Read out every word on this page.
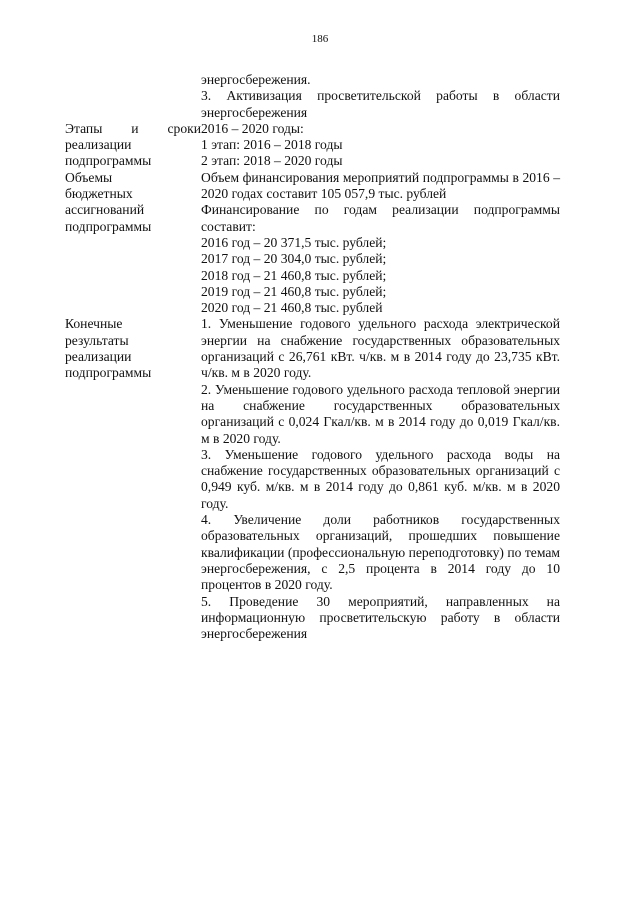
186
энергосбережения.
3. Активизация просветительской работы в области энергосбережения
Этапы и сроки
реализации
подпрограммы
2016 – 2020 годы:
1 этап: 2016 – 2018 годы
2 этап: 2018 – 2020 годы
Объемы
бюджетных
ассигнований
подпрограммы
Объем финансирования мероприятий подпрограммы в 2016 – 2020 годах составит 105 057,9 тыс. рублей
Финансирование по годам реализации подпрограммы составит:
2016 год – 20 371,5 тыс. рублей;
2017 год – 20 304,0 тыс. рублей;
2018 год – 21 460,8 тыс. рублей;
2019 год – 21 460,8 тыс. рублей;
2020 год – 21 460,8 тыс. рублей
Конечные
результаты
реализации
подпрограммы
1. Уменьшение годового удельного расхода электрической энергии на снабжение государственных образовательных организаций с 26,761 кВт. ч/кв. м в 2014 году до 23,735 кВт. ч/кв. м в 2020 году.
2. Уменьшение годового удельного расхода тепловой энергии на снабжение государственных образовательных организаций с 0,024 Гкал/кв. м в 2014 году до 0,019 Гкал/кв. м в 2020 году.
3. Уменьшение годового удельного расхода воды на снабжение государственных образовательных организаций с 0,949 куб. м/кв. м в 2014 году до 0,861 куб. м/кв. м в 2020 году.
4. Увеличение доли работников государственных образовательных организаций, прошедших повышение квалификации (профессиональную переподготовку) по темам энергосбережения, с 2,5 процента в 2014 году до 10 процентов в 2020 году.
5. Проведение 30 мероприятий, направленных на информационную просветительскую работу в области энергосбережения
